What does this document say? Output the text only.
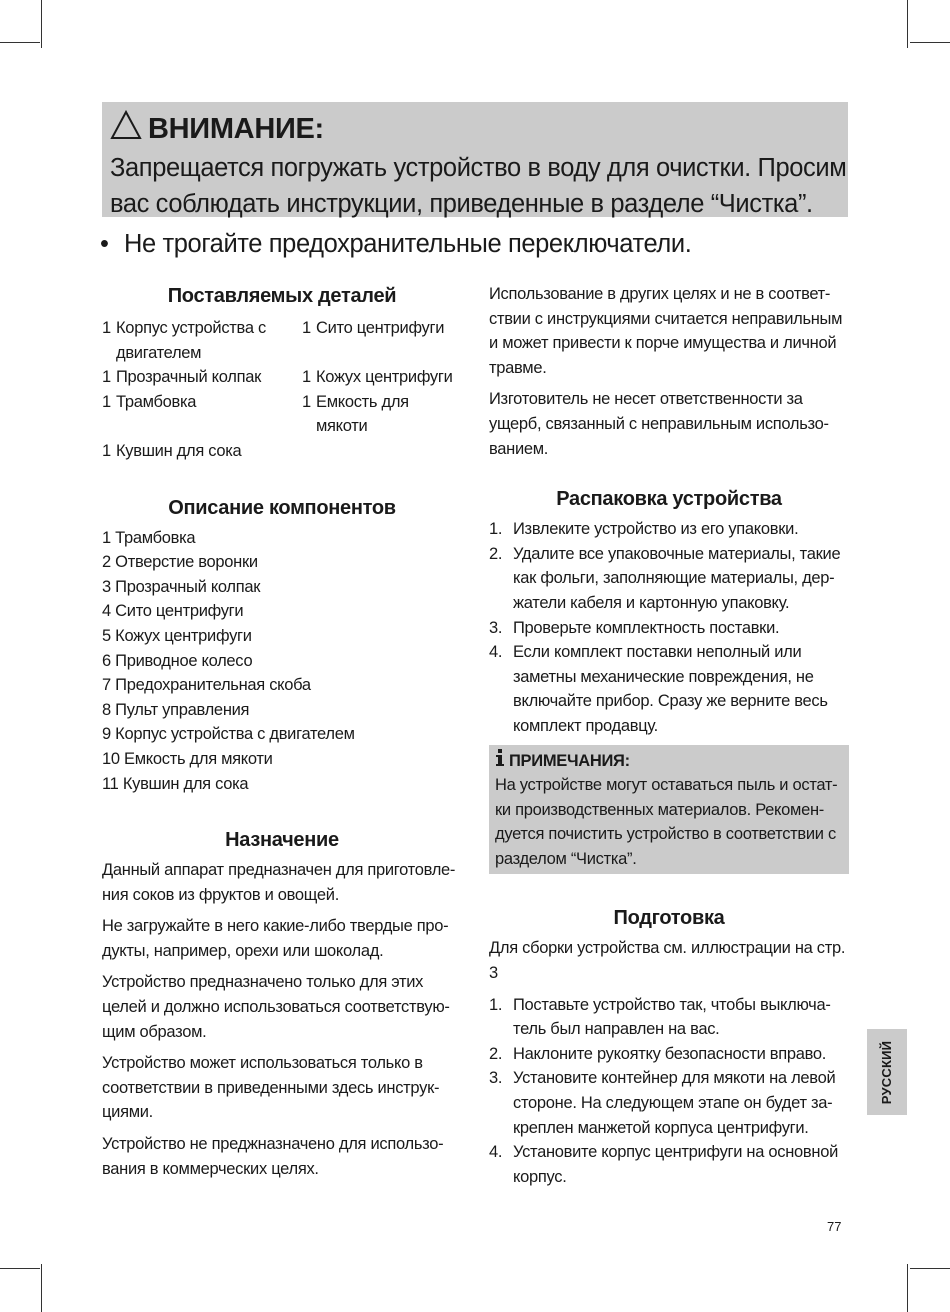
ВНИМАНИЕ:
Запрещается погружать устройство в воду для очистки. Просим
вас соблюдать инструкции, приведенные в разделе “Чистка”.
• Не трогайте предохранительные переключатели.
Поставляемых деталей
1 Корпус устройства с двигателем
1 Сито центрифуги
1 Прозрачный колпак	1 Кожух центрифуги
1 Трамбовка	1 Емкость для мякоти
1 Кувшин для сока
Описание компонентов
1 Трамбовка
2 Отверстие воронки
3 Прозрачный колпак
4 Сито центрифуги
5 Кожух центрифуги
6 Приводное колесо
7 Предохранительная скоба
8 Пульт управления
9 Корпус устройства с двигателем
10 Емкость для мякоти
11 Кувшин для сока
Назначение

Данный аппарат предназначен для приготовле-ния соков из фруктов и овощей.

Не загружайте в него какие-либо твердые про-дукты, например, орехи или шоколад.

Устройство предназначено только для этих целей и должно использоваться соответствую-щим образом.

Устройство может использоваться только в соответствии в приведенными здесь инструк-циями.

Устройство не преджназначено для использо-вания в коммерческих целях.

Использование в других целях и не в соответ-ствии с инструкциями считается неправильным и может привести к порче имущества и личной травме.

Изготовитель не несет ответственности за ущерб, связанный с неправильным использо-ванием.

Распаковка устройства
1. Извлеките устройство из его упаковки.
2. Удалите все упаковочные материалы, такие как фольги, заполняющие материалы, дер-жатели кабеля и картонную упаковку.
3. Проверьте комплектность поставки.
4. Если комплект поставки неполный или заметны механические повреждения, не включайте прибор. Сразу же верните весь комплект продавцу.
ПРИМЕЧАНИЯ:

На устройстве могут оставаться пыль и остат-ки производственных материалов. Рекомен-дуется почистить устройство в соответствии с разделом “Чистка”.

Подготовка

Для сборки устройства см. иллюстрации на стр. 3

1. Поставьте устройство так, чтобы выключа-тель был направлен на вас.
2. Наклоните рукоятку безопасности вправо.
3. Установите контейнер для мякоти на левой стороне. На следующем этапе он будет за-креплен манжетой корпуса центрифуги.
4. Установите корпус центрифуги на основной корпус.
РУССКИЙ
77
